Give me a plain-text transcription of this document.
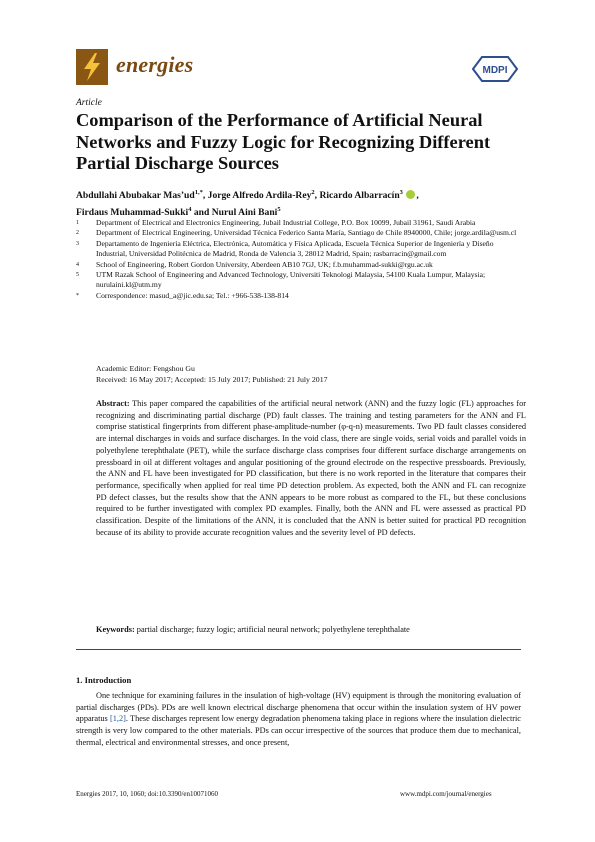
energies	MDPI
Article
Comparison of the Performance of Artificial Neural Networks and Fuzzy Logic for Recognizing Different Partial Discharge Sources
Abdullahi Abubakar $Mas’ud^{1,*}$, Jorge Alfredo Ardila-Rey$^2$, Ricardo Albarracín$^3$ ,
Firdaus Muhammad-Sukki$^4$ and Nurul Aini Bani$^5$
1	Department of Electrical and Electronics Engineering, Jubail Industrial College, P.O. Box 10099, Jubail 31961, Saudi Arabia
2	Department of Electrical Engineering, Universidad Técnica Federico Santa María, Santiago de Chile 8940000, Chile; jorge.ardila@usm.cl
3	Departamento de Ingeniería Eléctrica, Electrónica, Automática y Física Aplicada, Escuela Técnica Superior de Ingeniería y Diseño Industrial, Universidad Politécnica de Madrid, Ronda de Valencia 3, 28012 Madrid, Spain; rasbarracin@gmail.com
4	School of Engineering, Robert Gordon University, Aberdeen AB10 7GJ, UK; f.b.muhammad-sukki@rgu.ac.uk
5	UTM Razak School of Engineering and Advanced Technology, Universiti Teknologi Malaysia, 54100 Kuala Lumpur, Malaysia; nurulaini.kl@utm.my
*	Correspondence: masud_a@jic.edu.sa; Tel.: +966-538-138-814
Academic Editor: Fengshou Gu
Received: 16 May 2017; Accepted: 15 July 2017; Published: 21 July 2017
Abstract: This paper compared the capabilities of the artificial neural network (ANN) and the fuzzy logic (FL) approaches for recognizing and discriminating partial discharge (PD) fault classes. The training and testing parameters for the ANN and FL comprise statistical fingerprints from different phase-amplitude-number (φ-q-n) measurements. Two PD fault classes considered are internal discharges in voids and surface discharges. In the void class, there are single voids, serial voids and parallel voids in polyethylene terephthalate (PET), while the surface discharge class comprises four different surface discharge arrangements on pressboard in oil at different voltages and angular positioning of the ground electrode on the respective pressboards. Previously, the ANN and FL have been investigated for PD classification, but there is no work reported in the literature that compares their performance, specifically when applied for real time PD detection problem. As expected, both the ANN and FL can recognize PD defect classes, but the results show that the ANN appears to be more robust as compared to the FL, but these conclusions required to be further investigated with complex PD examples. Finally, both the ANN and FL were assessed as practical PD classification. Despite of the limitations of the ANN, it is concluded that the ANN is better suited for practical PD recognition because of its ability to provide accurate recognition values and the severity level of PD defects.
Keywords: partial discharge; fuzzy logic; artificial neural network; polyethylene terephthalate
1. Introduction
One technique for examining failures in the insulation of high-voltage (HV) equipment is through the monitoring evaluation of partial discharges (PDs). PDs are well known electrical discharge phenomena that occur within the insulation system of HV power apparatus [1,2]. These discharges represent low energy degradation phenomena taking place in regions where the insulation dielectric strength is very low compared to the other materials. PDs can occur irrespective of the sources that produce them due to mechanical, thermal, electrical and environmental stresses, and once present,
Energies 2017, 10, 1060; doi:10.3390/en10071060	www.mdpi.com/journal/energies
